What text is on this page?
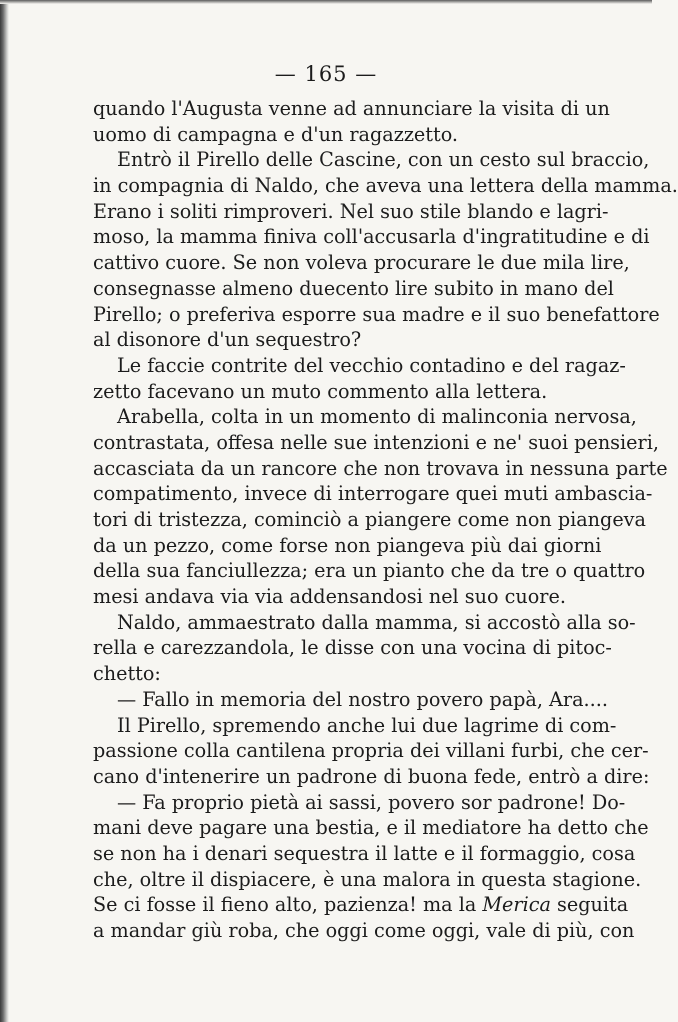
— 165 —
quando l'Augusta venne ad annunciare la visita di un
uomo di campagna e d'un ragazzetto.
Entrò il Pirello delle Cascine, con un cesto sul braccio,
in compagnia di Naldo, che aveva una lettera della mamma.
Erano i soliti rimproveri. Nel suo stile blando e lagri-
moso, la mamma finiva coll'accusarla d'ingratitudine e di
cattivo cuore. Se non voleva procurare le due mila lire,
consegnasse almeno duecento lire subito in mano del
Pirello; o preferiva esporre sua madre e il suo benefattore
al disonore d'un sequestro?
Le faccie contrite del vecchio contadino e del ragaz-
zetto facevano un muto commento alla lettera.
Arabella, colta in un momento di malinconia nervosa,
contrastata, offesa nelle sue intenzioni e ne' suoi pensieri,
accasciata da un rancore che non trovava in nessuna parte
compatimento, invece di interrogare quei muti ambascia-
tori di tristezza, cominciò a piangere come non piangeva
da un pezzo, come forse non piangeva più dai giorni
della sua fanciullezza; era un pianto che da tre o quattro
mesi andava via via addensandosi nel suo cuore.
Naldo, ammaestrato dalla mamma, si accostò alla so-
rella e carezzandola, le disse con una vocina di pitoc-
chetto:
— Fallo in memoria del nostro povero papà, Ara....
Il Pirello, spremendo anche lui due lagrime di com-
passione colla cantilena propria dei villani furbi, che cer-
cano d'intenerire un padrone di buona fede, entrò a dire:
— Fa proprio pietà ai sassi, povero sor padrone! Do-
mani deve pagare una bestia, e il mediatore ha detto che
se non ha i denari sequestra il latte e il formaggio, cosa
che, oltre il dispiacere, è una malora in questa stagione.
Se ci fosse il fieno alto, pazienza! ma la Merica seguita
a mandar giù roba, che oggi come oggi, vale di più, con
